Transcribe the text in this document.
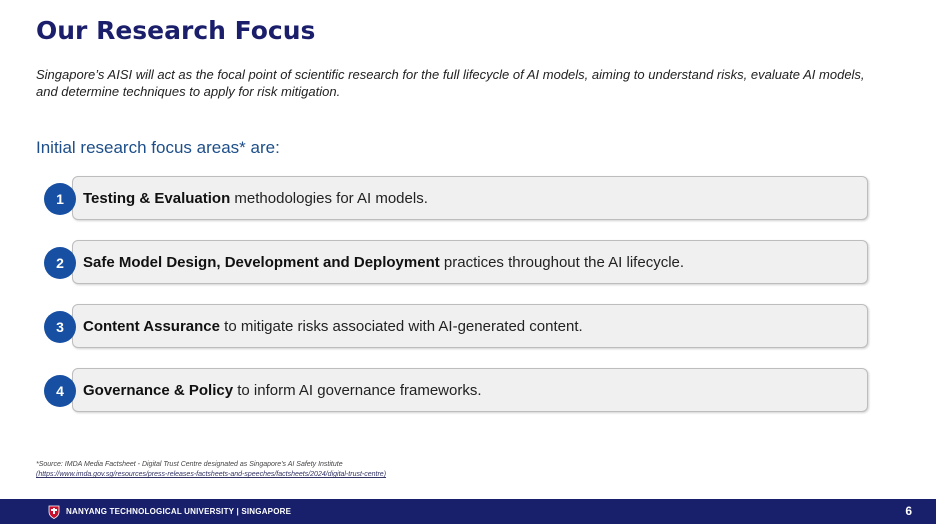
Our Research Focus
Singapore’s AISI will act as the focal point of scientific research for the full lifecycle of AI models, aiming to understand risks, evaluate AI models, and determine techniques to apply for risk mitigation.
Initial research focus areas* are:
1	Testing & Evaluation methodologies for AI models.
2	Safe Model Design, Development and Deployment practices throughout the AI lifecycle.
3	Content Assurance to mitigate risks associated with AI-generated content.
4	Governance & Policy to inform AI governance frameworks.
*Source: IMDA Media Factsheet - Digital Trust Centre designated as Singapore’s AI Safety Institute
(https://www.imda.gov.sg/resources/press-releases-factsheets-and-speeches/factsheets/2024/digital-trust-centre)
NANYANG TECHNOLOGICAL UNIVERSITY | SINGAPORE	6
